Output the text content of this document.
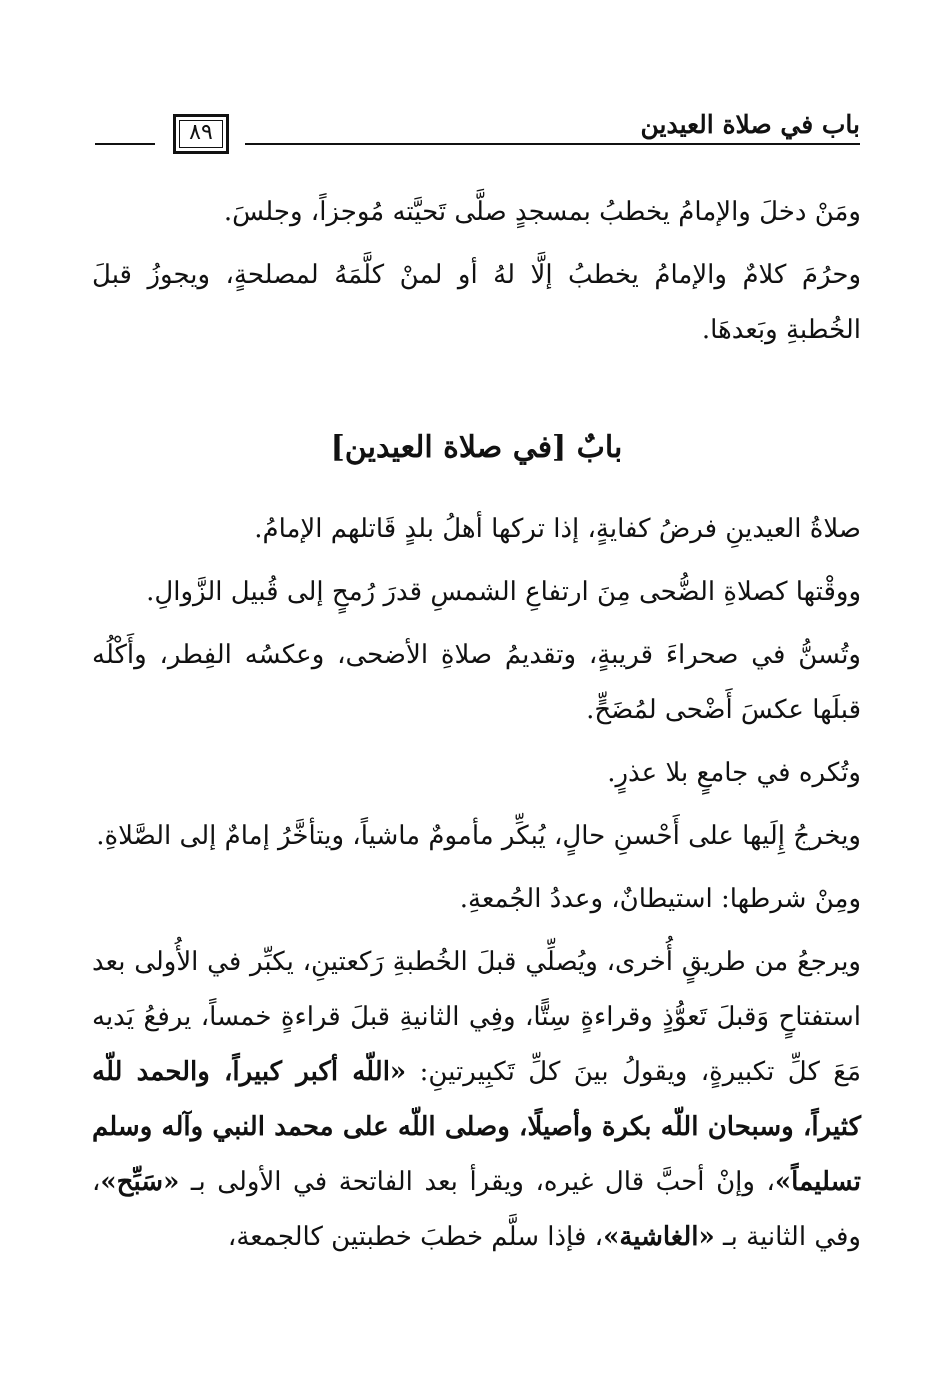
باب في صلاة العيدين
٨٩

ومَنْ دخلَ والإمامُ يخطبُ بمسجدٍ صلَّى تَحيَّته مُوجزاً، وجلسَ.

وحرُمَ كلامٌ والإمامُ يخطبُ إلَّا لهُ أو لمنْ كلَّمَهُ لمصلحةٍ، ويجوزُ قبلَ الخُطبةِ وبَعدهَا.

بابٌ [في صلاة العيدين]

صلاةُ العيدينِ فرضُ كفايةٍ، إذا تركها أهلُ بلدٍ قَاتلهم الإمامُ.

ووقْتها كصلاةِ الضُّحى مِنَ ارتفاعِ الشمسِ قدرَ رُمحٍ إلى قُبيل الزَّوالِ.

وتُسنُّ في صحراءَ قريبةٍ، وتقديمُ صلاةِ الأضحى، وعكسُه الفِطر، وأَكْلُه قبلَها عكسَ أَضْحى لمُضَحٍّ.

وتُكره في جامعٍ بلا عذرٍ.

ويخرجُ إِلَيها على أَحْسنِ حالٍ، يُبكِّر مأمومٌ ماشياً، ويتأخَّرُ إمامٌ إلى الصَّلاةِ.

ومِنْ شرطها: استيطانٌ، وعددُ الجُمعةِ.

ويرجعُ من طريقٍ أُخرى، ويُصلِّي قبلَ الخُطبةِ رَكعتينِ، يكبِّر في الأُولى بعد استفتاحٍ وَقبلَ تَعوُّذٍ وقراءةٍ سِتًّا، وفِي الثانيةِ قبلَ قراءةٍ خمساً، يرفعُ يَديه مَعَ كلِّ تكبيرةٍ، ويقولُ بينَ كلِّ تَكبِيرتينِ: «اللّه أكبر كبيراً، والحمد للّه كثيراً، وسبحان اللّه بكرة وأصيلًا، وصلى اللّه على محمد النبي وآله وسلم تسليماً»، وإنْ أحبَّ قال غيره، ويقرأ بعد الفاتحة في الأولى بـ «سَبِّح»، وفي الثانية بـ «الغاشية»، فإذا سلَّم خطبَ خطبتين كالجمعة،
